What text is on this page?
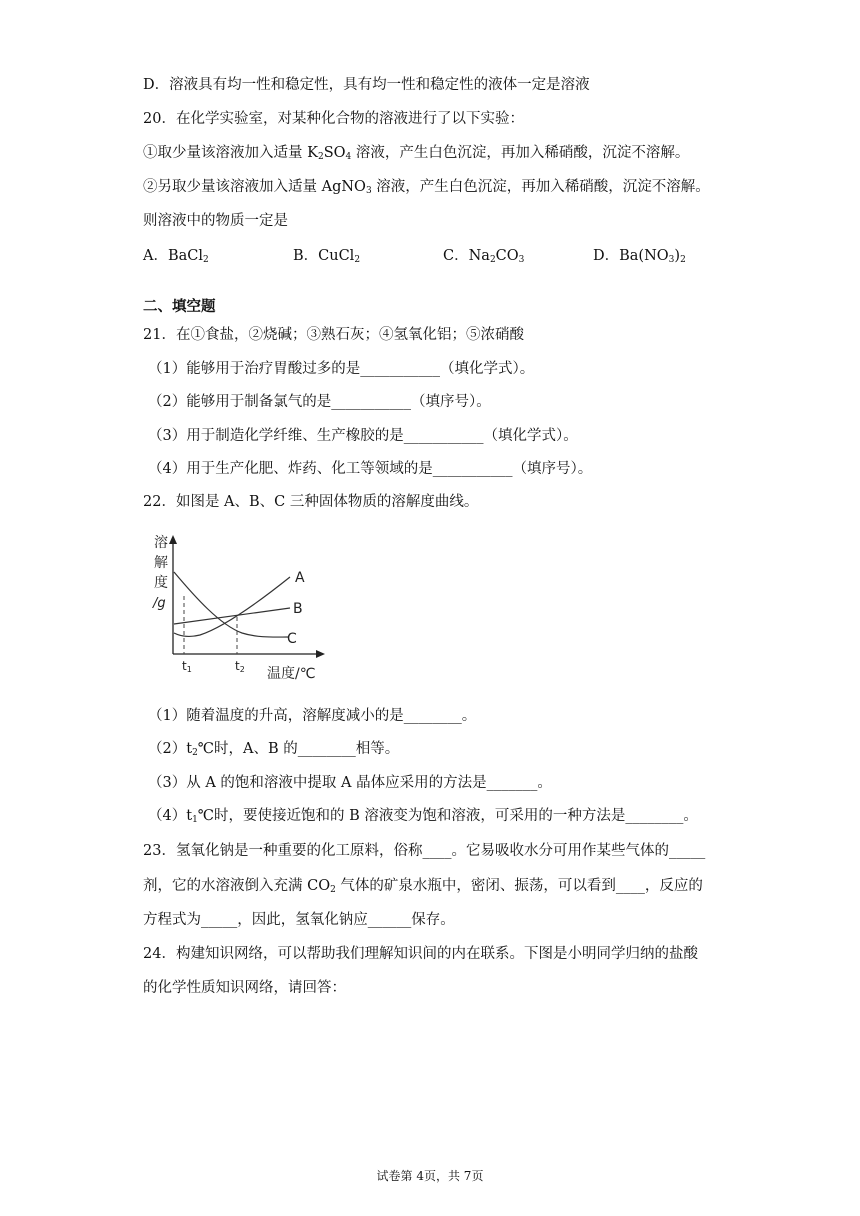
D．溶液具有均一性和稳定性，具有均一性和稳定性的液体一定是溶液
20．在化学实验室，对某种化合物的溶液进行了以下实验：
①取少量该溶液加入适量 $K_2SO_4$ 溶液，产生白色沉淀，再加入稀硝酸，沉淀不溶解。
②另取少量该溶液加入适量 AgNO$_3$ 溶液，产生白色沉淀，再加入稀硝酸，沉淀不溶解。
则溶液中的物质一定是
A．BaCl$_2$	B．CuCl$_2$	C．$Na_2CO_3$	D．$Ba(NO_3)_2$
二、填空题
21．在①食盐，②烧碱；③熟石灰；④氢氧化铝；⑤浓硝酸
（1）能够用于治疗胃酸过多的是___________（填化学式）。
（2）能够用于制备氯气的是___________（填序号）。
（3）用于制造化学纤维、生产橡胶的是___________（填化学式）。
（4）用于生产化肥、炸药、化工等领域的是___________（填序号）。
22．如图是 A、B、C 三种固体物质的溶解度曲线。
溶
解
度
/g
A
B
C
t1	t2 温度/℃
（1）随着温度的升高，溶解度减小的是________。
$(2)t_2℃$时，A、B 的________相等。
（3）从 A 的饱和溶液中提取 A 晶体应采用的方法是_______。
$(4)t_1℃$时，要使接近饱和的 B 溶液变为饱和溶液，可采用的一种方法是________。
23．氢氧化钠是一种重要的化工原料，俗称____。它易吸收水分可用作某些气体的_____
剂，它的水溶液倒入充满 $CO_2$ 气体的矿泉水瓶中，密闭、振荡，可以看到____，反应的
方程式为_____，因此，氢氧化钠应______保存。
24．构建知识网络，可以帮助我们理解知识间的内在联系。下图是小明同学归纳的盐酸
的化学性质知识网络，请回答：
试卷第 4页，共 7页
